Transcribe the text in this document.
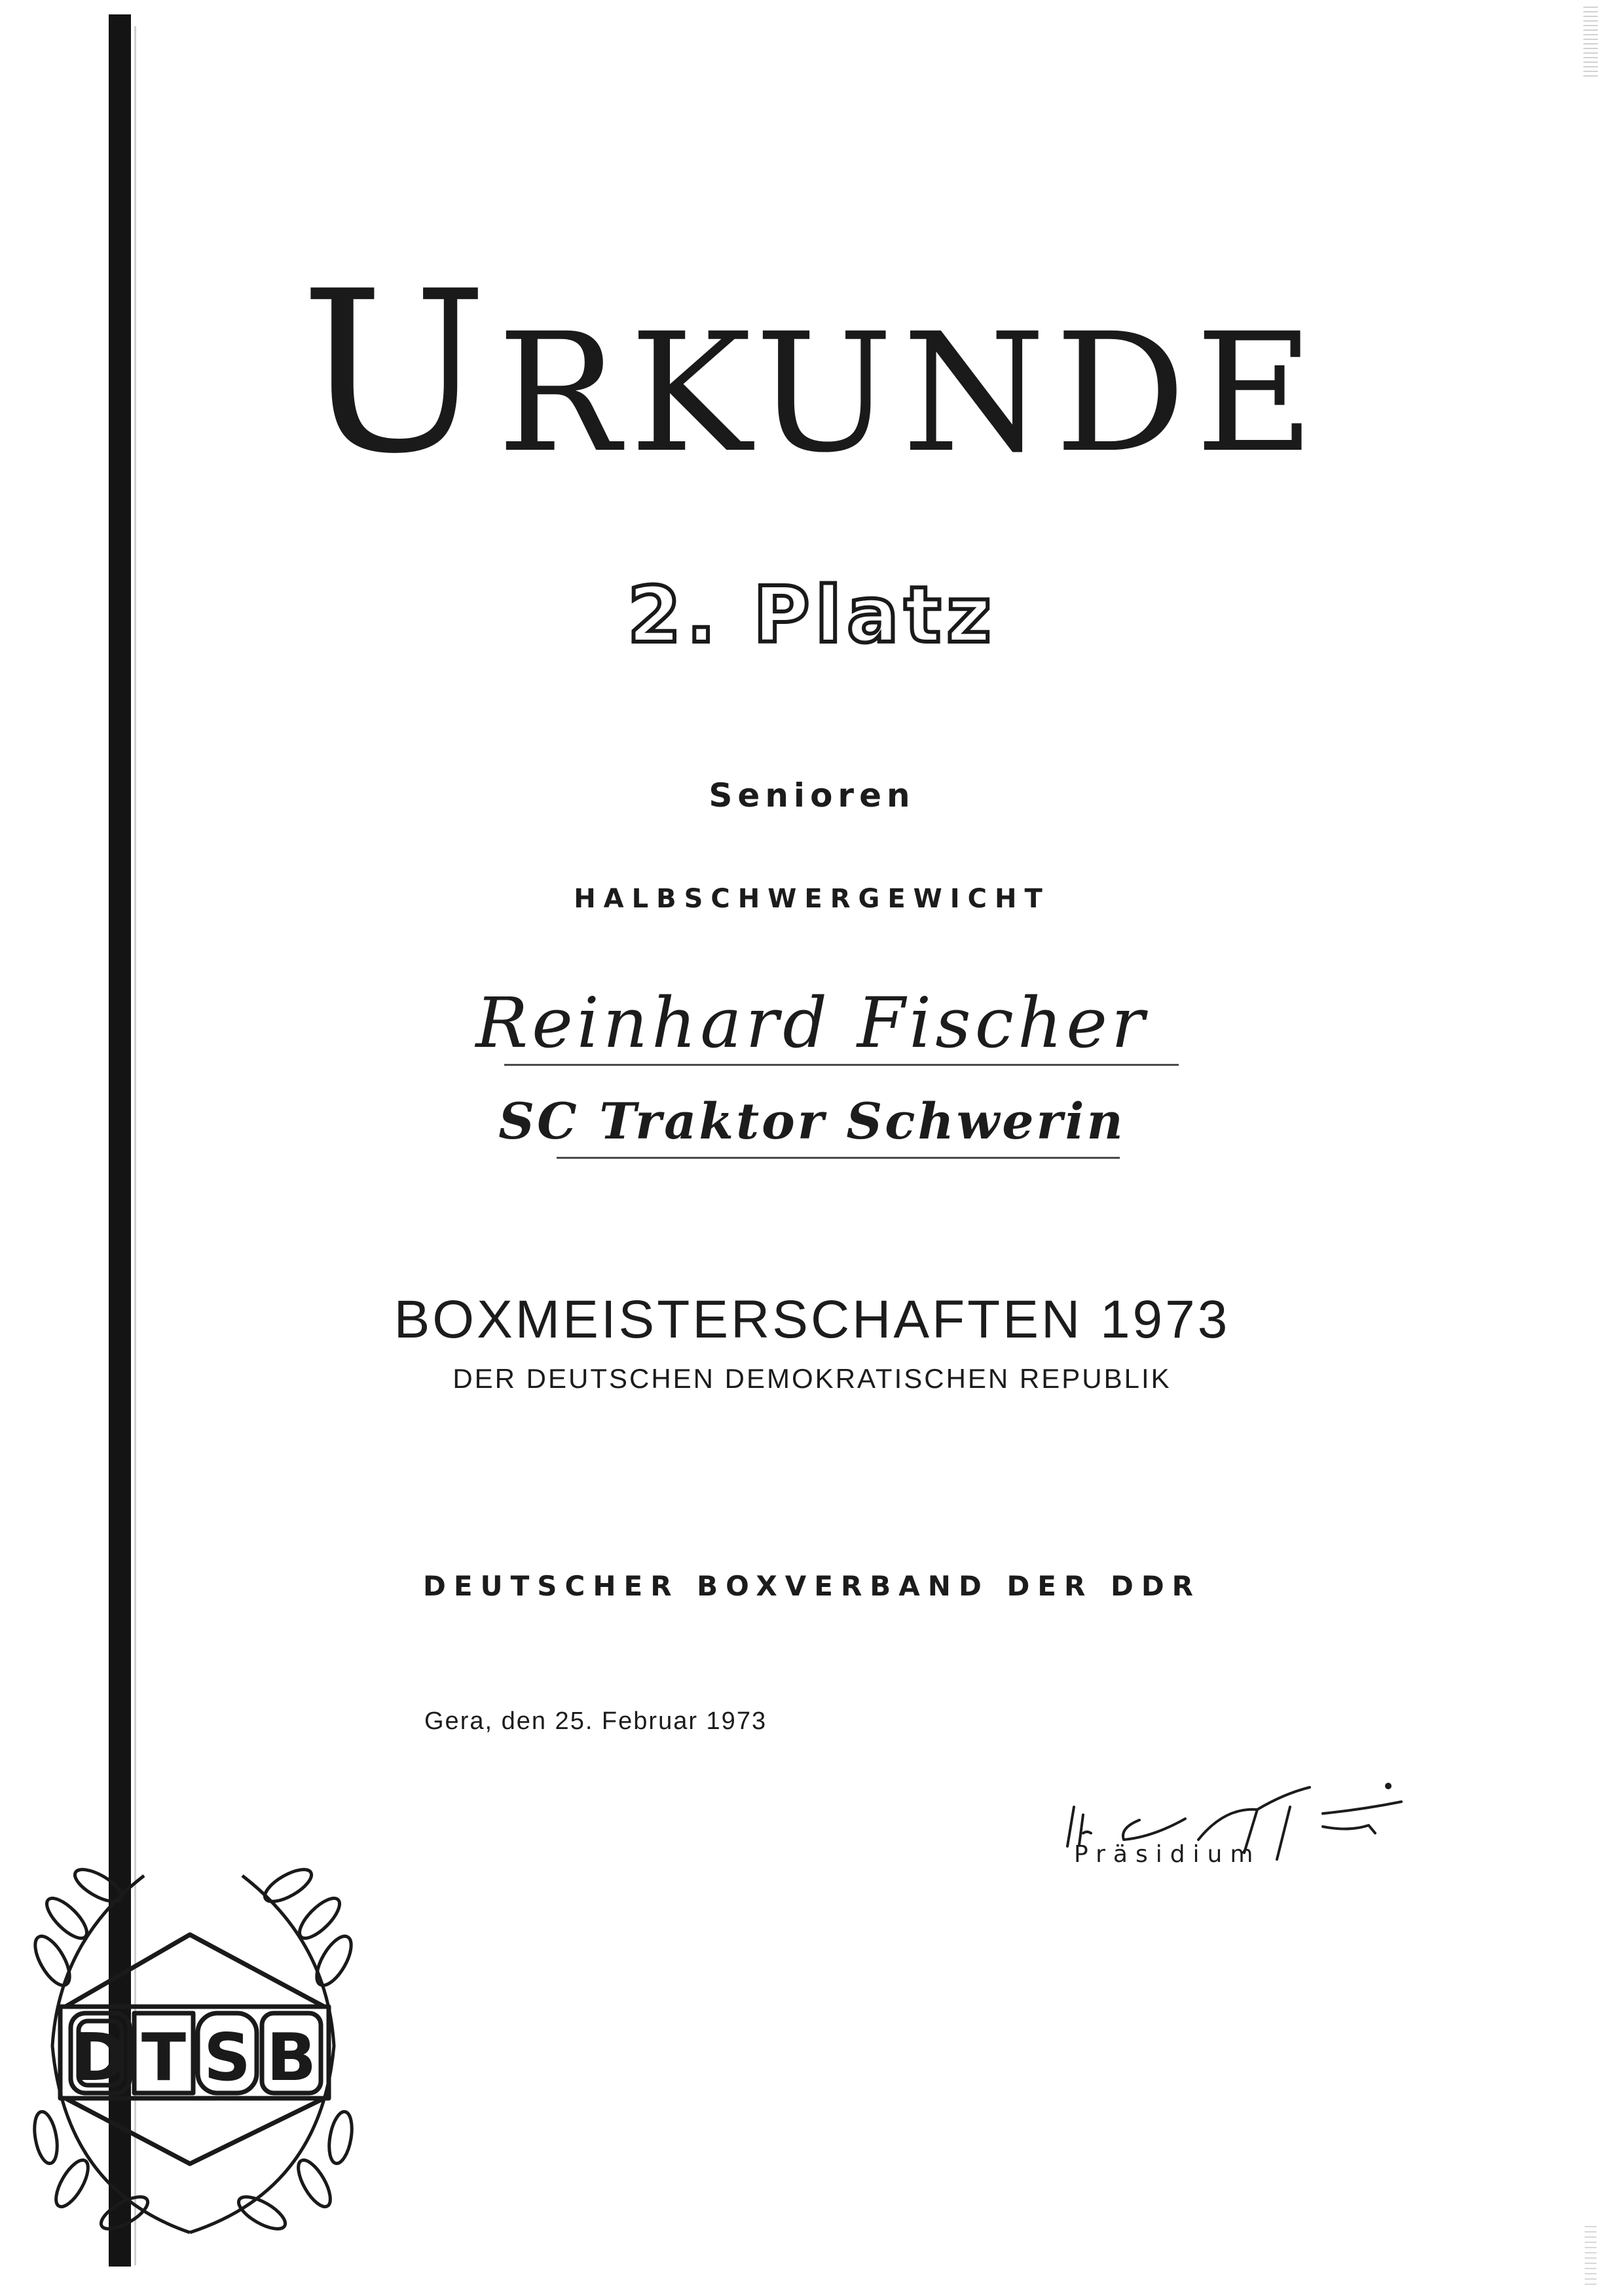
URKUNDE
2. Platz
Senioren
HALBSCHWERGEWICHT
Reinhard Fischer
SC Traktor Schwerin
BOXMEISTERSCHAFTEN 1973
DER DEUTSCHEN DEMOKRATISCHEN REPUBLIK
DEUTSCHER BOXVERBAND DER DDR
Gera, den 25. Februar 1973
Präsidium
D T S B
